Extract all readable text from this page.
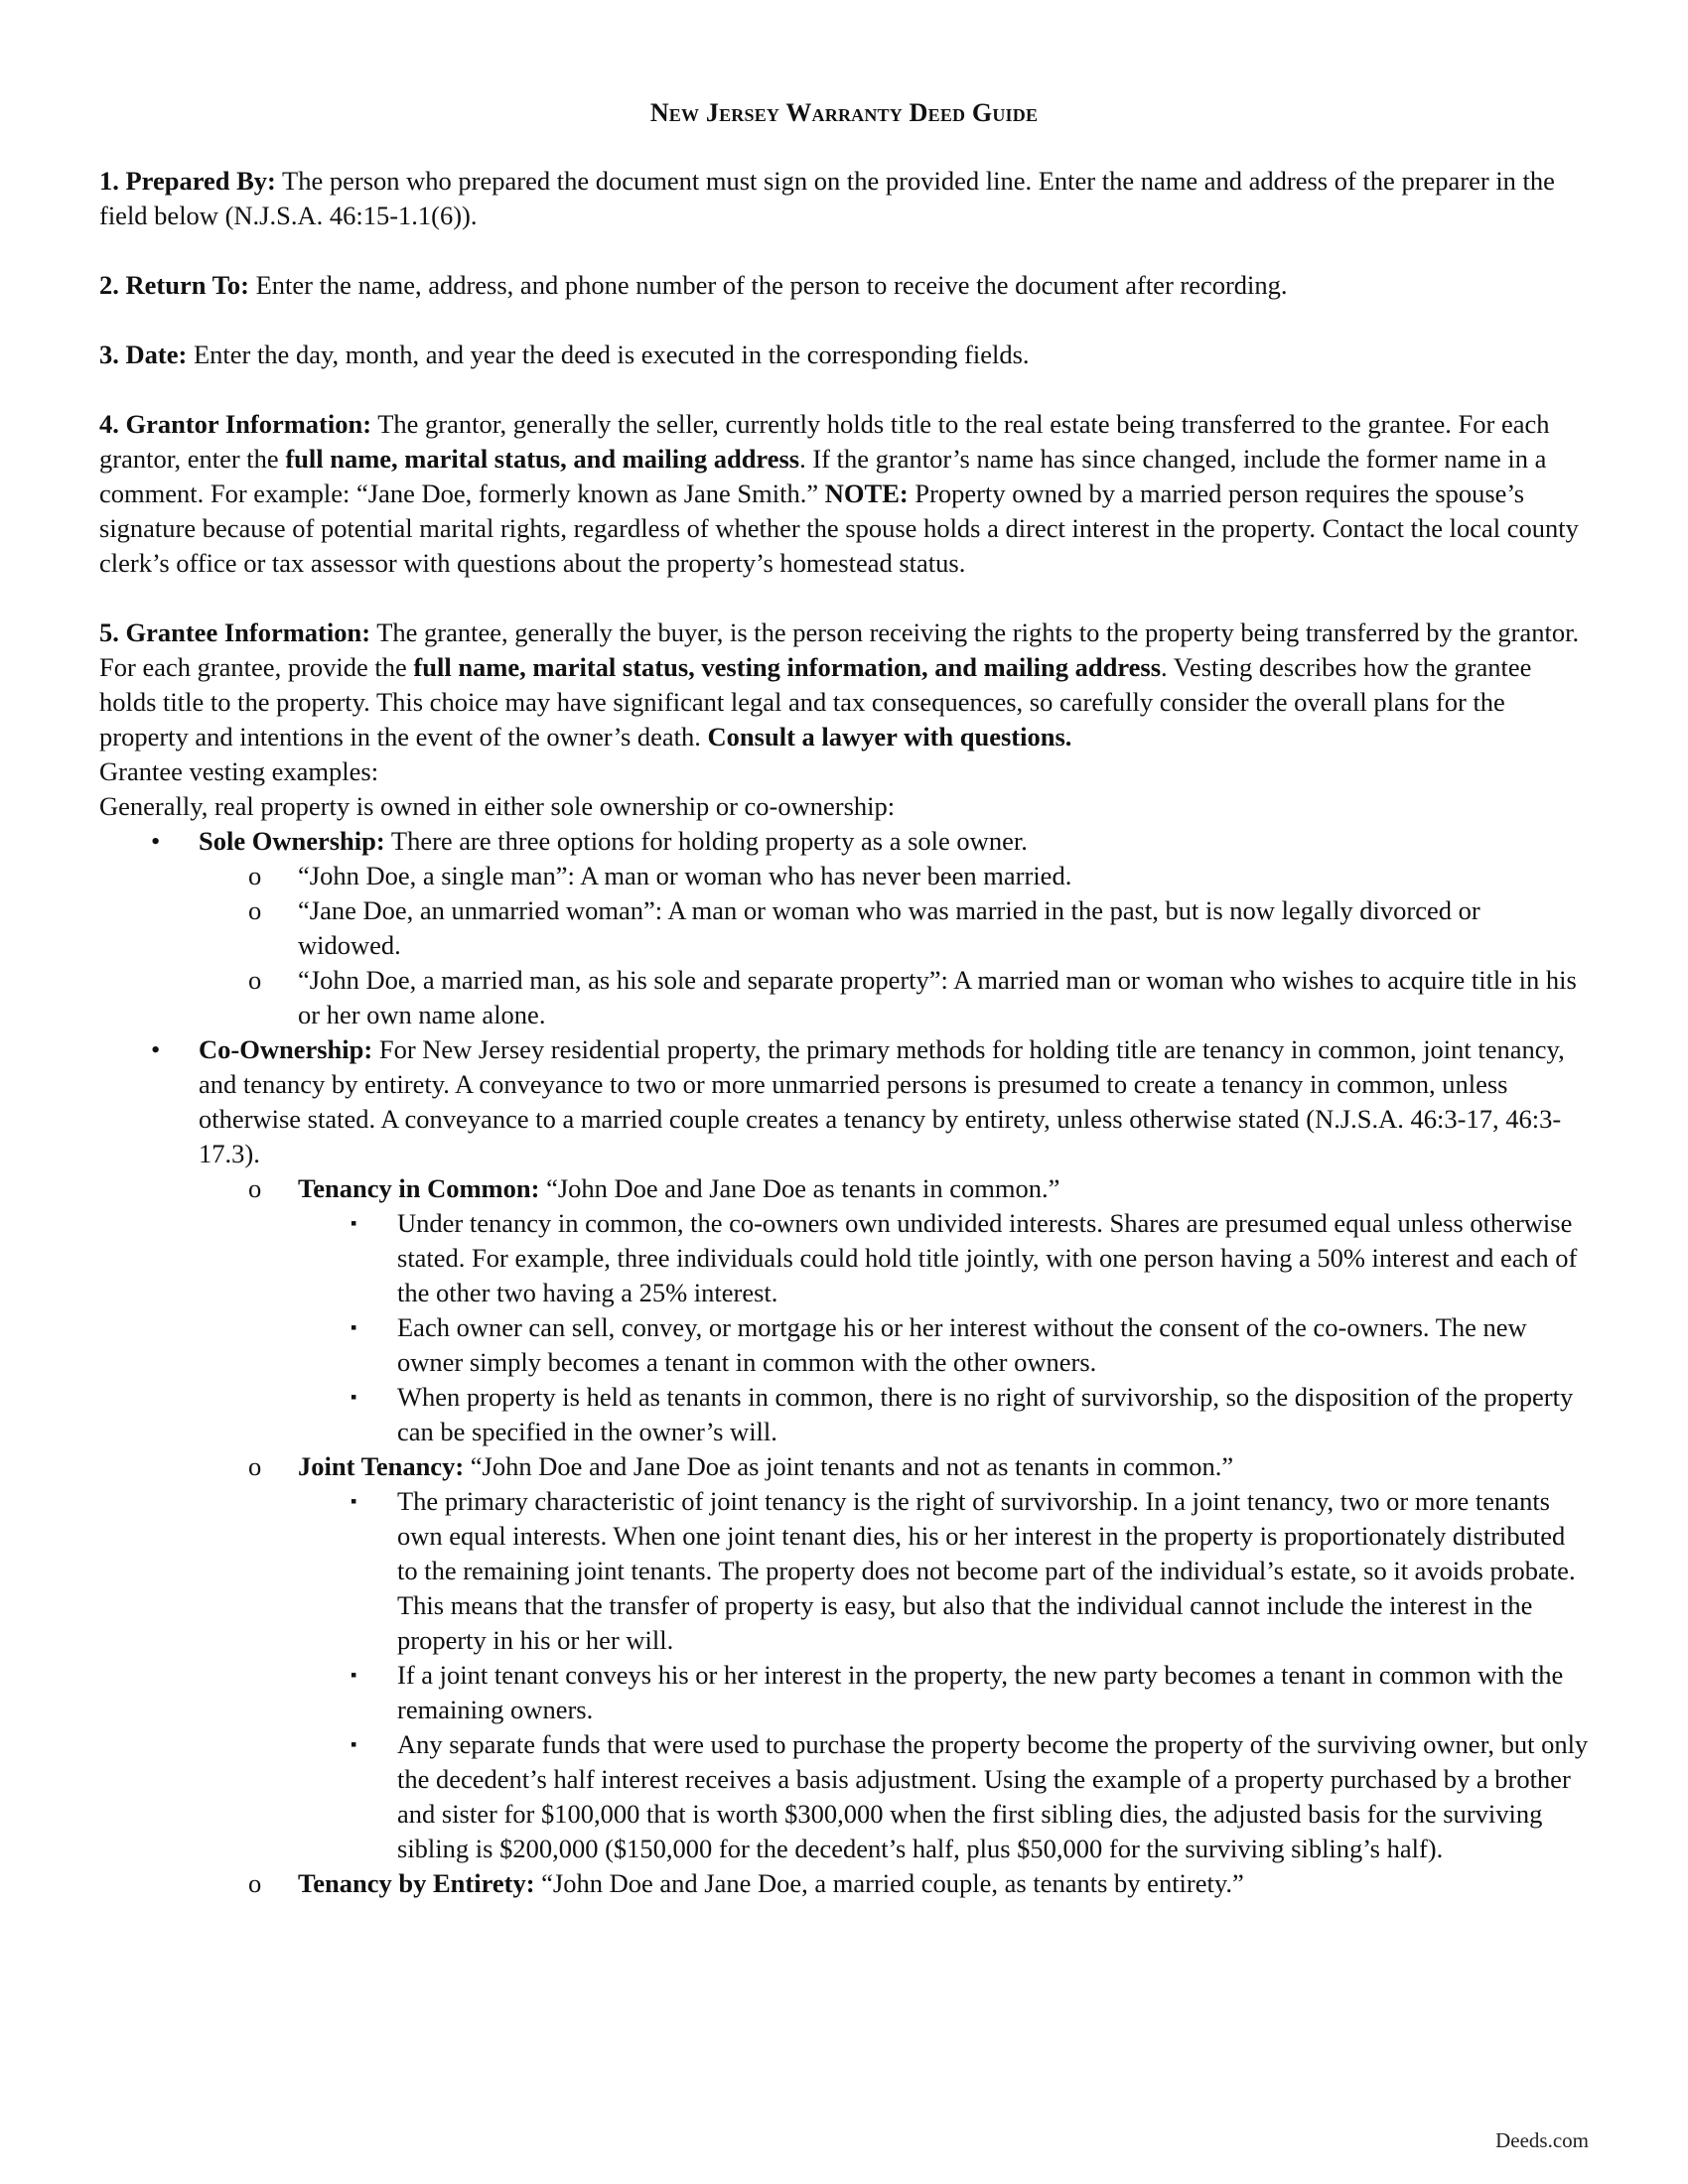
New Jersey Warranty Deed Guide

1. Prepared By: The person who prepared the document must sign on the provided line. Enter the name and address of the preparer in the field below (N.J.S.A. 46:15-1.1(6)).

2. Return To: Enter the name, address, and phone number of the person to receive the document after recording.

3. Date: Enter the day, month, and year the deed is executed in the corresponding fields.

4. Grantor Information: The grantor, generally the seller, currently holds title to the real estate being transferred to the grantee. For each grantor, enter the full name, marital status, and mailing address. If the grantor’s name has since changed, include the former name in a comment. For example: “Jane Doe, formerly known as Jane Smith.” NOTE: Property owned by a married person requires the spouse’s signature because of potential marital rights, regardless of whether the spouse holds a direct interest in the property. Contact the local county clerk’s office or tax assessor with questions about the property’s homestead status.

5. Grantee Information: The grantee, generally the buyer, is the person receiving the rights to the property being transferred by the grantor. For each grantee, provide the full name, marital status, vesting information, and mailing address. Vesting describes how the grantee holds title to the property. This choice may have significant legal and tax consequences, so carefully consider the overall plans for the property and intentions in the event of the owner’s death. Consult a lawyer with questions.

Grantee vesting examples:

Generally, real property is owned in either sole ownership or co-ownership:

• Sole Ownership: There are three options for holding property as a sole owner.
o “John Doe, a single man”: A man or woman who has never been married.
o “Jane Doe, an unmarried woman”: A man or woman who was married in the past, but is now legally divorced or widowed.
o “John Doe, a married man, as his sole and separate property”: A married man or woman who wishes to acquire title in his or her own name alone.
• Co-Ownership: For New Jersey residential property, the primary methods for holding title are tenancy in common, joint tenancy, and tenancy by entirety. A conveyance to two or more unmarried persons is presumed to create a tenancy in common, unless otherwise stated. A conveyance to a married couple creates a tenancy by entirety, unless otherwise stated (N.J.S.A. 46:3-17, 46:3-17.3).
o Tenancy in Common: “John Doe and Jane Doe as tenants in common.”
▪ Under tenancy in common, the co-owners own undivided interests. Shares are presumed equal unless otherwise stated. For example, three individuals could hold title jointly, with one person having a 50% interest and each of the other two having a 25% interest.
▪ Each owner can sell, convey, or mortgage his or her interest without the consent of the co-owners. The new owner simply becomes a tenant in common with the other owners.
▪ When property is held as tenants in common, there is no right of survivorship, so the disposition of the property can be specified in the owner’s will.
o Joint Tenancy: “John Doe and Jane Doe as joint tenants and not as tenants in common.”
▪ The primary characteristic of joint tenancy is the right of survivorship. In a joint tenancy, two or more tenants own equal interests. When one joint tenant dies, his or her interest in the property is proportionately distributed to the remaining joint tenants. The property does not become part of the individual’s estate, so it avoids probate. This means that the transfer of property is easy, but also that the individual cannot include the interest in the property in his or her will.
▪ If a joint tenant conveys his or her interest in the property, the new party becomes a tenant in common with the remaining owners.
▪ Any separate funds that were used to purchase the property become the property of the surviving owner, but only the decedent’s half interest receives a basis adjustment. Using the example of a property purchased by a brother and sister for $100,000 that is worth $300,000 when the first sibling dies, the adjusted basis for the surviving sibling is $200,000 ($150,000 for the decedent’s half, plus $50,000 for the surviving sibling’s half).
o Tenancy by Entirety: “John Doe and Jane Doe, a married couple, as tenants by entirety.”
Deeds.com
